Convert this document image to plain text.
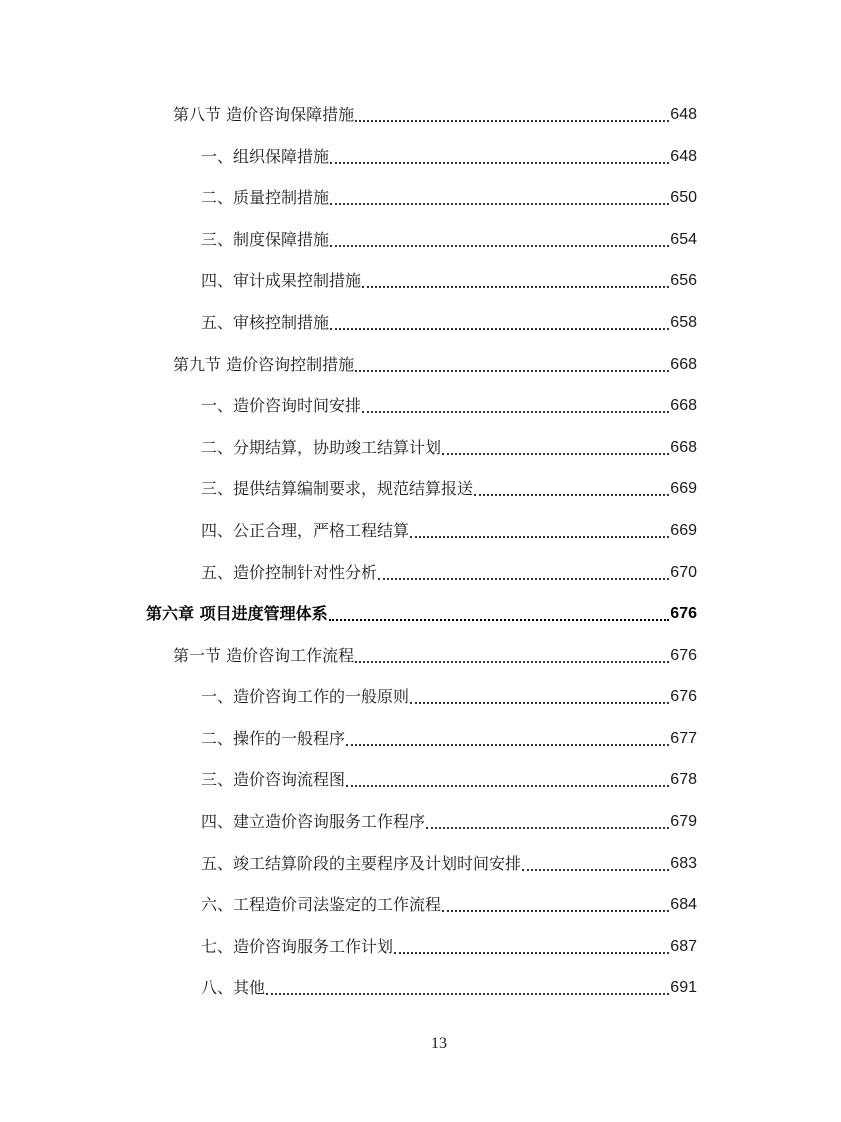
第八节 造价咨询保障措施	648
一、组织保障措施	648
二、质量控制措施	650
三、制度保障措施	654
四、审计成果控制措施	656
五、审核控制措施	658
第九节 造价咨询控制措施	668
一、造价咨询时间安排	668
二、分期结算，协助竣工结算计划	668
三、提供结算编制要求，规范结算报送	669
四、公正合理，严格工程结算	669
五、造价控制针对性分析	670
第六章 项目进度管理体系	676
第一节 造价咨询工作流程	676
一、造价咨询工作的一般原则	676
二、操作的一般程序	677
三、造价咨询流程图	678
四、建立造价咨询服务工作程序	679
五、竣工结算阶段的主要程序及计划时间安排	683
六、工程造价司法鉴定的工作流程	684
七、造价咨询服务工作计划	687
八、其他	691
13
